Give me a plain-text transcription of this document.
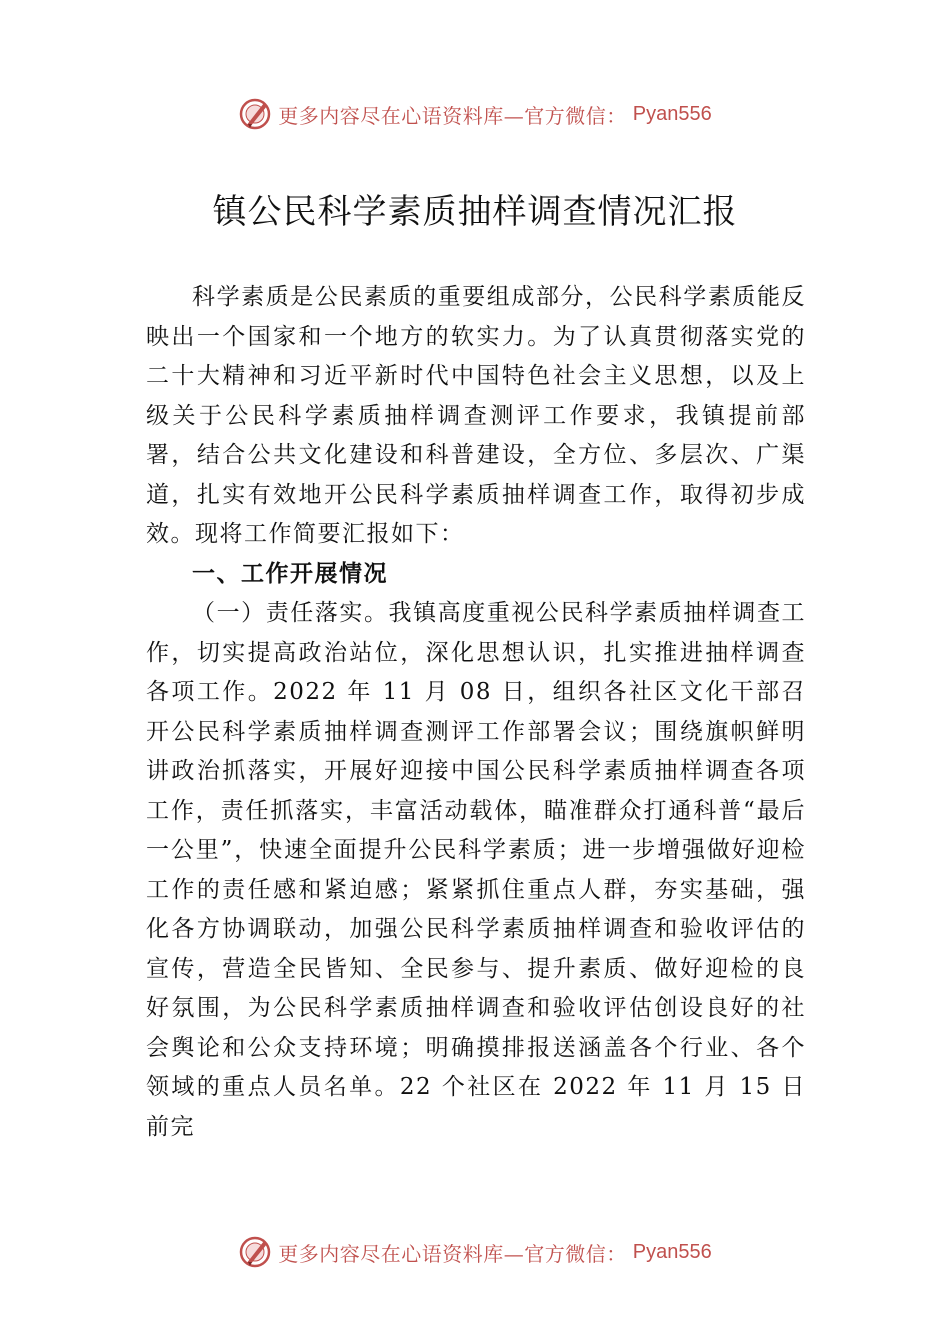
更多内容尽在心语资料库—官方微信： Pyan556
镇公民科学素质抽样调查情况汇报

科学素质是公民素质的重要组成部分，公民科学素质能反映出一个国家和一个地方的软实力。为了认真贯彻落实党的二十大精神和习近平新时代中国特色社会主义思想，以及上级关于公民科学素质抽样调查测评工作要求，我镇提前部署，结合公共文化建设和科普建设，全方位、多层次、广渠道，扎实有效地开公民科学素质抽样调查工作，取得初步成效。现将工作简要汇报如下：

一、工作开展情况

（一）责任落实。我镇高度重视公民科学素质抽样调查工作，切实提高政治站位，深化思想认识，扎实推进抽样调查各项工作。2022 年 11 月 08 日，组织各社区文化干部召开公民科学素质抽样调查测评工作部署会议；围绕旗帜鲜明讲政治抓落实，开展好迎接中国公民科学素质抽样调查各项工作，责任抓落实，丰富活动载体，瞄准群众打通科普“最后一公里”，快速全面提升公民科学素质；进一步增强做好迎检工作的责任感和紧迫感；紧紧抓住重点人群，夯实基础，强化各方协调联动，加强公民科学素质抽样调查和验收评估的宣传，营造全民皆知、全民参与、提升素质、做好迎检的良好氛围，为公民科学素质抽样调查和验收评估创设良好的社会舆论和公众支持环境；明确摸排报送涵盖各个行业、各个领域的重点人员名单。22 个社区在 2022 年 11 月 15 日前完

更多内容尽在心语资料库—官方微信： Pyan556
